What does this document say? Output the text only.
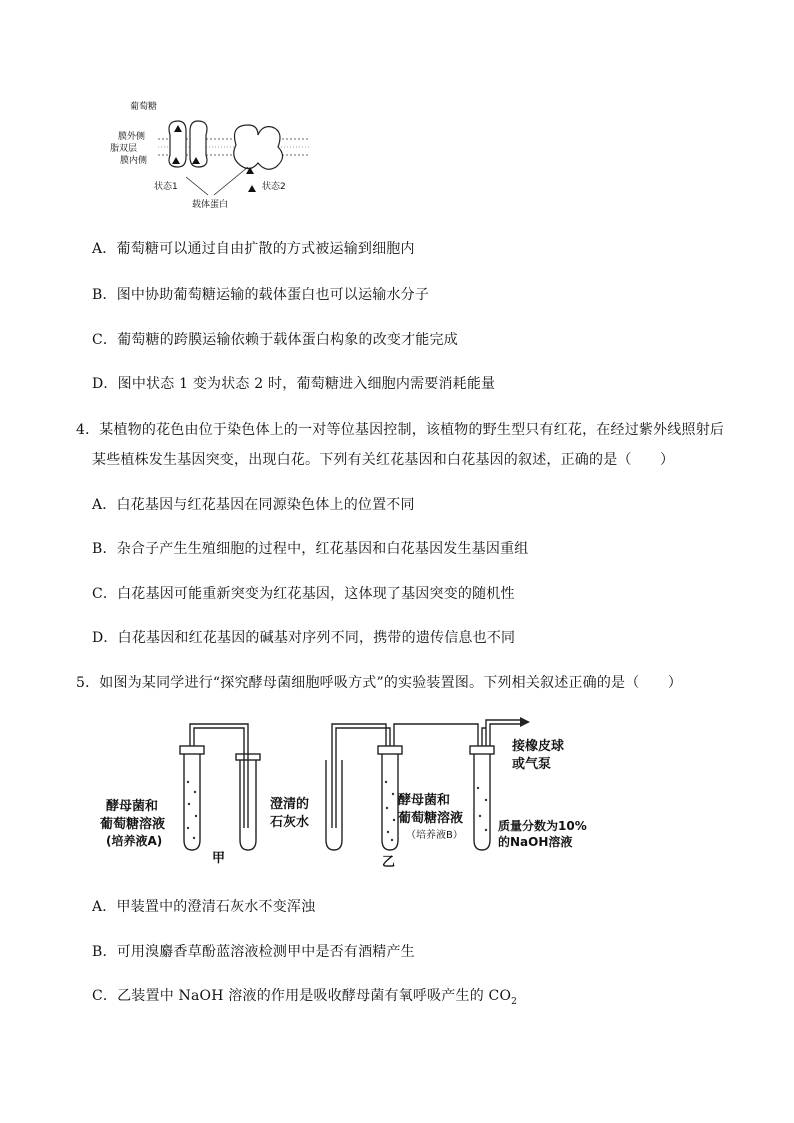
葡萄糖
膜外侧
脂双层
膜内侧
状态1	状态2
载体蛋白
A．葡萄糖可以通过自由扩散的方式被运输到细胞内
B．图中协助葡萄糖运输的载体蛋白也可以运输水分子
C．葡萄糖的跨膜运输依赖于载体蛋白构象的改变才能完成
D．图中状态 1 变为状态 2 时，葡萄糖进入细胞内需要消耗能量
4．某植物的花色由位于染色体上的一对等位基因控制，该植物的野生型只有红花，在经过紫外线照射后
某些植株发生基因突变，出现白花。下列有关红花基因和白花基因的叙述，正确的是（　　）
A．白花基因与红花基因在同源染色体上的位置不同
B．杂合子产生生殖细胞的过程中，红花基因和白花基因发生基因重组
C．白花基因可能重新突变为红花基因，这体现了基因突变的随机性
D．白花基因和红花基因的碱基对序列不同，携带的遗传信息也不同
5．如图为某同学进行“探究酵母菌细胞呼吸方式”的实验装置图。下列相关叙述正确的是（　　）
酵母菌和
葡萄糖溶液
(培养液A)
澄清的
石灰水
甲
酵母菌和
葡萄糖溶液
（培养液B）
乙
接橡皮球
或气泵
质量分数为10%
的NaOH溶液
A．甲装置中的澄清石灰水不变浑浊
B．可用溴麝香草酚蓝溶液检测甲中是否有酒精产生
C．乙装置中 NaOH 溶液的作用是吸收酵母菌有氧呼吸产生的 $CO_2$
